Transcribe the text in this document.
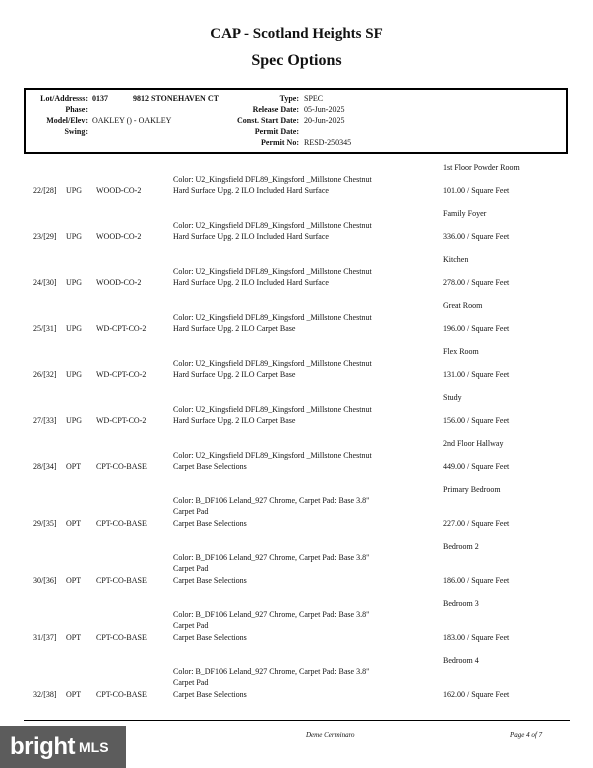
CAP - Scotland Heights SF
Spec Options
Lot/Addresss: 0137	9812 STONEHAVEN CT
Phase:
Model/Elev: OAKLEY () - OAKLEY
Swing:
Type: SPEC
Release Date: 05-Jun-2025
Const. Start Date: 20-Jun-2025
Permit Date:
Permit No: RESD-250345
1st Floor Powder Room
Color: U2_Kingsfield DFL89_Kingsford _Millstone Chestnut
22/[28] UPG WOOD-CO-2	Hard Surface Upg. 2 ILO Included Hard Surface	101.00 / Square Feet
Family Foyer
Color: U2_Kingsfield DFL89_Kingsford _Millstone Chestnut
23/[29] UPG WOOD-CO-2	Hard Surface Upg. 2 ILO Included Hard Surface	336.00 / Square Feet
Kitchen
Color: U2_Kingsfield DFL89_Kingsford _Millstone Chestnut
24/[30] UPG WOOD-CO-2	Hard Surface Upg. 2 ILO Included Hard Surface	278.00 / Square Feet
Great Room
Color: U2_Kingsfield DFL89_Kingsford _Millstone Chestnut
25/[31] UPG WD-CPT-CO-2	Hard Surface Upg. 2 ILO Carpet Base	196.00 / Square Feet
Flex Room
Color: U2_Kingsfield DFL89_Kingsford _Millstone Chestnut
26/[32] UPG WD-CPT-CO-2	Hard Surface Upg. 2 ILO Carpet Base	131.00 / Square Feet
Study
Color: U2_Kingsfield DFL89_Kingsford _Millstone Chestnut
27/[33] UPG WD-CPT-CO-2	Hard Surface Upg. 2 ILO Carpet Base	156.00 / Square Feet
2nd Floor Hallway
Color: U2_Kingsfield DFL89_Kingsford _Millstone Chestnut
28/[34] OPT CPT-CO-BASE	Carpet Base Selections	449.00 / Square Feet
Primary Bedroom
Color: B_DF106 Leland_927 Chrome, Carpet Pad: Base 3.8"
Carpet Pad
29/[35] OPT CPT-CO-BASE	Carpet Base Selections	227.00 / Square Feet
Bedroom 2
Color: B_DF106 Leland_927 Chrome, Carpet Pad: Base 3.8"
Carpet Pad
30/[36] OPT CPT-CO-BASE	Carpet Base Selections	186.00 / Square Feet
Bedroom 3
Color: B_DF106 Leland_927 Chrome, Carpet Pad: Base 3.8"
Carpet Pad
31/[37] OPT CPT-CO-BASE	Carpet Base Selections	183.00 / Square Feet
Bedroom 4
Color: B_DF106 Leland_927 Chrome, Carpet Pad: Base 3.8"
Carpet Pad
32/[38] OPT CPT-CO-BASE	Carpet Base Selections	162.00 / Square Feet
Deme Cerminaro	Page 4 of 7
bright MLS
